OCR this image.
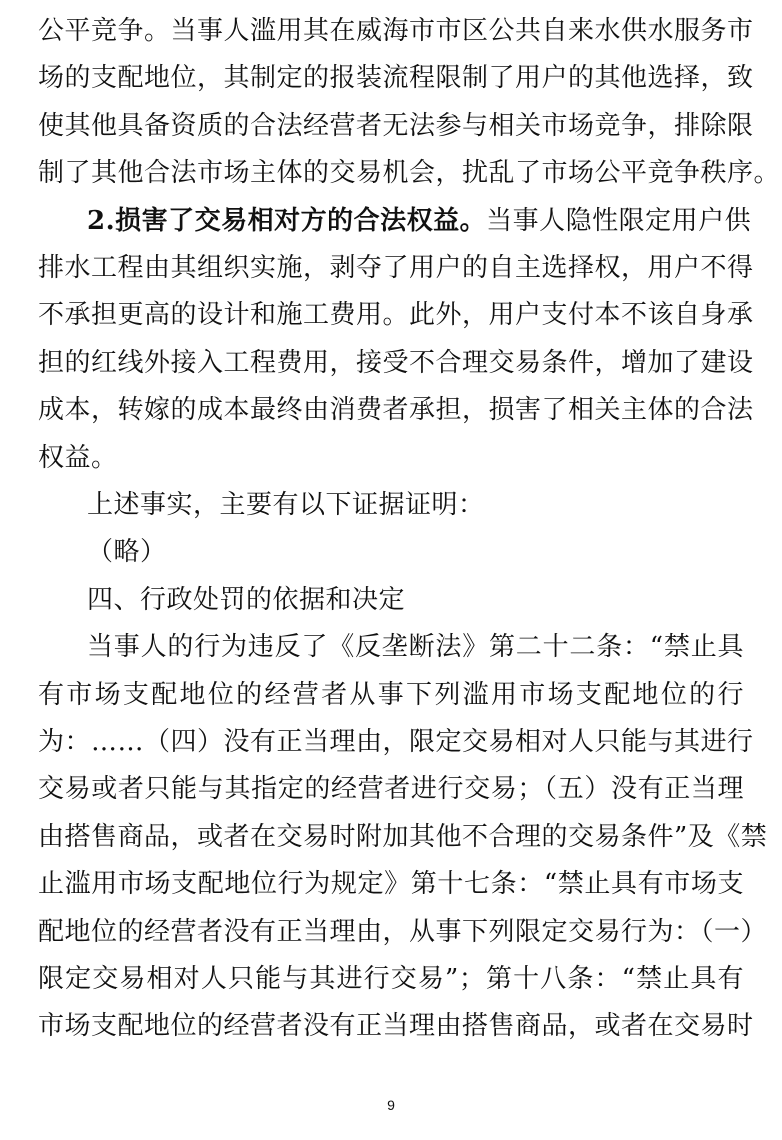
公平竞争。当事人滥用其在威海市市区公共自来水供水服务市
场的支配地位，其制定的报装流程限制了用户的其他选择，致
使其他具备资质的合法经营者无法参与相关市场竞争，排除限
制了其他合法市场主体的交易机会，扰乱了市场公平竞争秩序。
2.损害了交易相对方的合法权益。当事人隐性限定用户供
排水工程由其组织实施，剥夺了用户的自主选择权，用户不得
不承担更高的设计和施工费用。此外，用户支付本不该自身承
担的红线外接入工程费用，接受不合理交易条件，增加了建设
成本，转嫁的成本最终由消费者承担，损害了相关主体的合法
权益。
上述事实，主要有以下证据证明：
（略）
四、行政处罚的依据和决定
当事人的行为违反了《反垄断法》第二十二条：“禁止具
有市场支配地位的经营者从事下列滥用市场支配地位的行
为：……（四）没有正当理由，限定交易相对人只能与其进行
交易或者只能与其指定的经营者进行交易；（五）没有正当理
由搭售商品，或者在交易时附加其他不合理的交易条件”及《禁
止滥用市场支配地位行为规定》第十七条：“禁止具有市场支
配地位的经营者没有正当理由，从事下列限定交易行为：（一）
9
限定交易相对人只能与其进行交易”；第十八条：“禁止具有
市场支配地位的经营者没有正当理由搭售商品，或者在交易时
